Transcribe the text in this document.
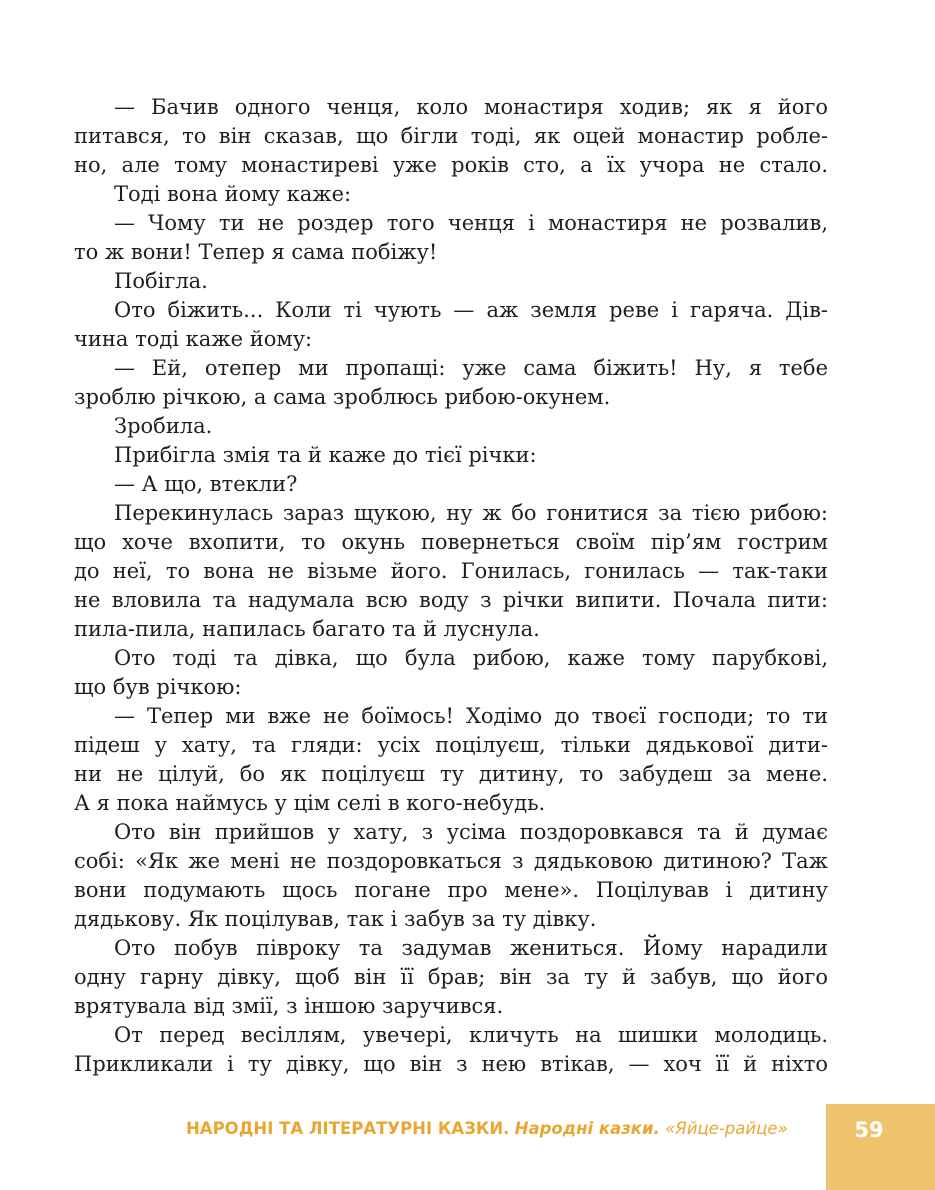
— Бачив одного ченця, коло монастиря ходив; як я його
питався, то він сказав, що бігли тоді, як оцей монастир робле-
но, але тому монастиреві уже років сто, а їх учора не стало.
Тоді вона йому каже:
— Чому ти не роздер того ченця і монастиря не розвалив,
то ж вони! Тепер я сама побіжу!
Побігла.
Ото біжить... Коли ті чують — аж земля реве і гаряча. Дів-
чина тоді каже йому:
— Ей, отепер ми пропащі: уже сама біжить! Ну, я тебе
зроблю річкою, а сама зроблюсь рибою-окунем.
Зробила.
Прибігла змія та й каже до тієї річки:
— А що, втекли?
Перекинулась зараз щукою, ну ж бо гонитися за тією рибою:
що хоче вхопити, то окунь повернеться своїм пір’ям гострим
до неї, то вона не візьме його. Гонилась, гонилась — так-таки
не вловила та надумала всю воду з річки випити. Почала пити:
пила-пила, напилась багато та й луснула.
Ото тоді та дівка, що була рибою, каже тому парубкові,
що був річкою:
— Тепер ми вже не боїмось! Ходімо до твоєї господи; то ти
підеш у хату, та гляди: усіх поцілуєш, тільки дядькової дити-
ни не цілуй, бо як поцілуєш ту дитину, то забудеш за мене.
А я пока наймусь у цім селі в кого-небудь.
Ото він прийшов у хату, з усіма поздоровкався та й думає
собі: «Як же мені не поздоровкаться з дядьковою дитиною? Таж
вони подумають щось погане про мене». Поцілував і дитину
дядькову. Як поцілував, так і забув за ту дівку.
Ото побув півроку та задумав жениться. Йому нарадили
одну гарну дівку, щоб він її брав; він за ту й забув, що його
врятувала від змії, з іншою заручився.
От перед весіллям, увечері, кличуть на шишки молодиць.
Прикликали і ту дівку, що він з нею втікав, — хоч її й ніхто
НАРОДНІ ТА ЛІТЕРАТУРНІ КАЗКИ. Народні казки. «Яйце-райце»	59
